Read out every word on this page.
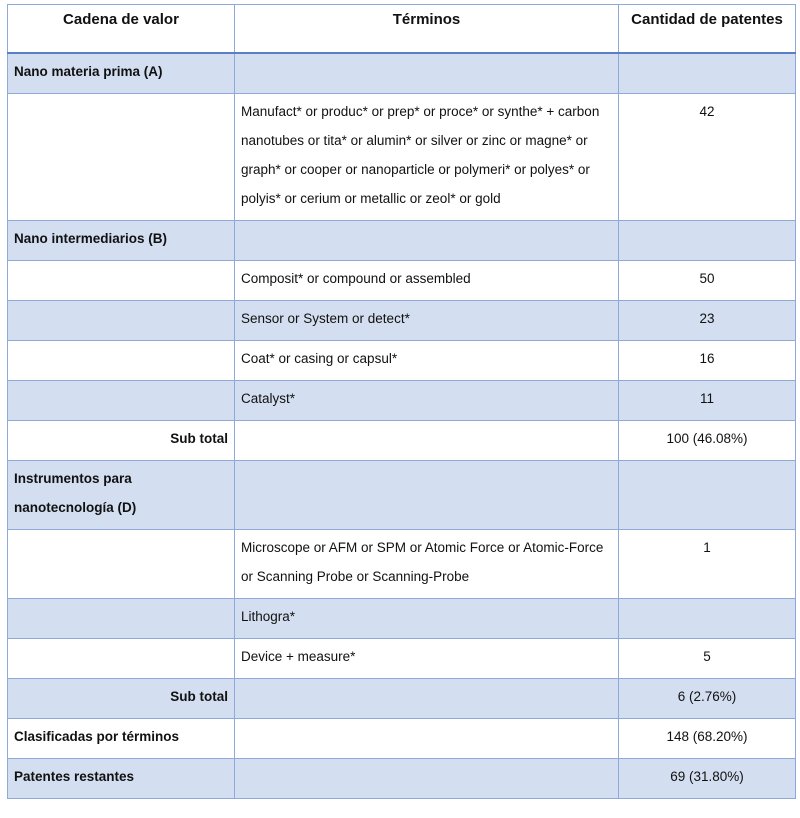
Cadena de valor	Términos	Cantidad de patentes
Nano materia prima (A)		
	Manufact* or produc* or prep* or proce* or synthe* + carbon nanotubes or tita* or alumin* or silver or zinc or magne* or graph* or cooper or nanoparticle or polymeri* or polyes* or polyis* or cerium or metallic or zeol* or gold	42
Nano intermediarios (B)		
	Composit* or compound or assembled	50
	Sensor or System or detect*	23
	Coat* or casing or capsul*	16
	Catalyst*	11
Sub total		100 (46.08%)
Instrumentos para nanotecnología (D)		
	Microscope or AFM or SPM or Atomic Force or Atomic-Force or Scanning Probe or Scanning-Probe	1
	Lithogra*	
	Device + measure*	5
Sub total		6 (2.76%)
Clasificadas por términos		148 (68.20%)
Patentes restantes		69 (31.80%)
